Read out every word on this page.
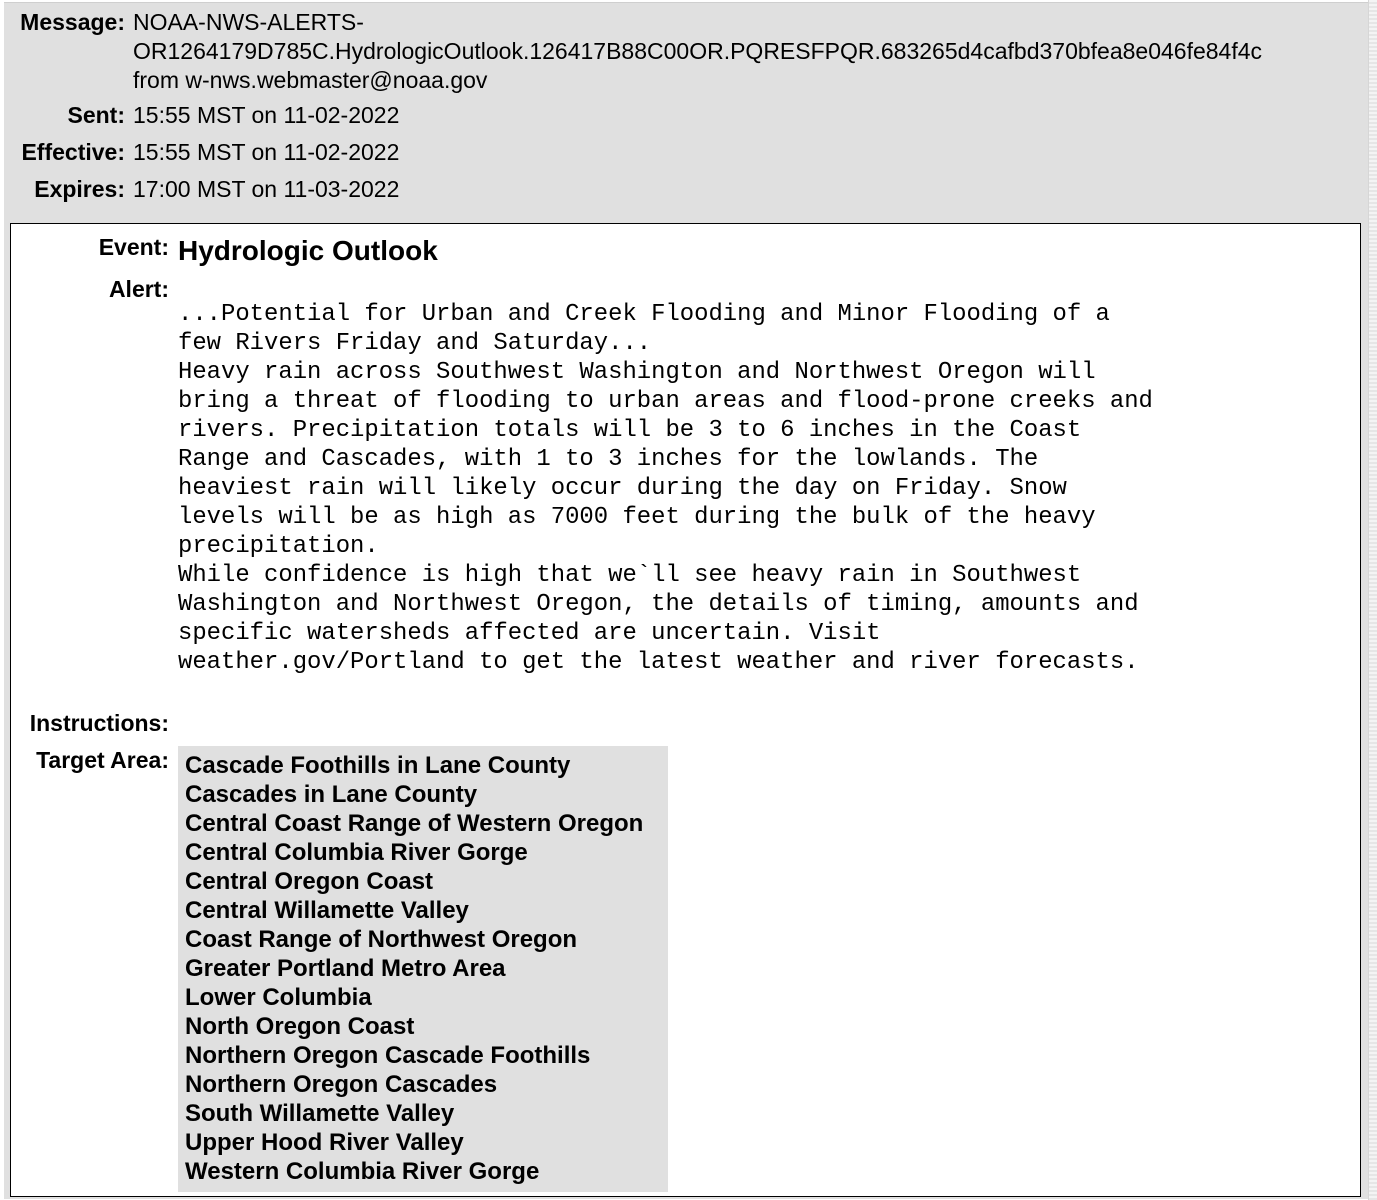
Message: NOAA-NWS-ALERTS-
OR1264179D785C.HydrologicOutlook.126417B88C00OR.PQRESFPQR.683265d4cafbd370bfea8e046fe84f4c
from w-nws.webmaster@noaa.gov
Sent: 15:55 MST on 11-02-2022
Effective: 15:55 MST on 11-02-2022
Expires: 17:00 MST on 11-03-2022
Event: Hydrologic Outlook
Alert:
...Potential for Urban and Creek Flooding and Minor Flooding of a
few Rivers Friday and Saturday...
Heavy rain across Southwest Washington and Northwest Oregon will
bring a threat of flooding to urban areas and flood-prone creeks and
rivers. Precipitation totals will be 3 to 6 inches in the Coast
Range and Cascades, with 1 to 3 inches for the lowlands. The
heaviest rain will likely occur during the day on Friday. Snow
levels will be as high as 7000 feet during the bulk of the heavy
precipitation.
While confidence is high that we`ll see heavy rain in Southwest
Washington and Northwest Oregon, the details of timing, amounts and
specific watersheds affected are uncertain. Visit
weather.gov/Portland to get the latest weather and river forecasts.
Instructions:
Target Area: Cascade Foothills in Lane County
Cascades in Lane County
Central Coast Range of Western Oregon
Central Columbia River Gorge
Central Oregon Coast
Central Willamette Valley
Coast Range of Northwest Oregon
Greater Portland Metro Area
Lower Columbia
North Oregon Coast
Northern Oregon Cascade Foothills
Northern Oregon Cascades
South Willamette Valley
Upper Hood River Valley
Western Columbia River Gorge
